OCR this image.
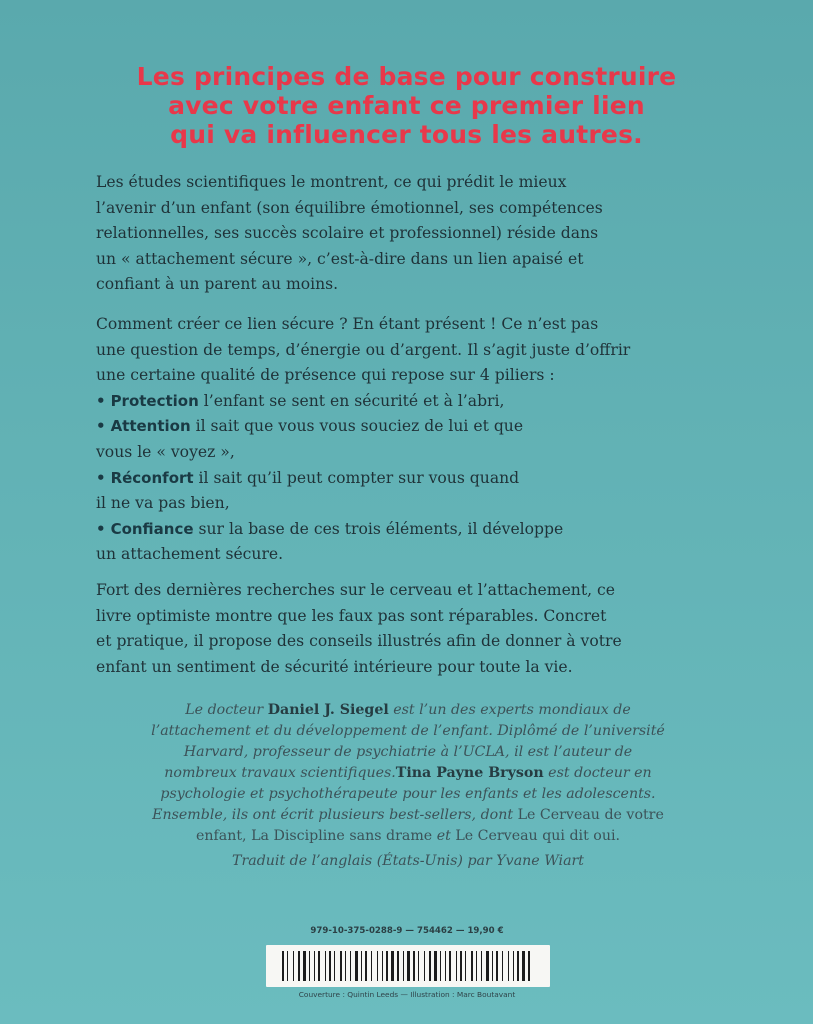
Les principes de base pour construire
avec votre enfant ce premier lien
qui va influencer tous les autres.
Les études scientifiques le montrent, ce qui prédit le mieux
l’avenir d’un enfant (son équilibre émotionnel, ses compétences
relationnelles, ses succès scolaire et professionnel) réside dans
un « attachement sécure », c’est-à-dire dans un lien apaisé et
confiant à un parent au moins.
Comment créer ce lien sécure ? En étant présent ! Ce n’est pas
une question de temps, d’énergie ou d’argent. Il s’agit juste d’offrir
une certaine qualité de présence qui repose sur 4 piliers :
• Protection l’enfant se sent en sécurité et à l’abri,
• Attention il sait que vous vous souciez de lui et que
vous le « voyez »,
• Réconfort il sait qu’il peut compter sur vous quand
il ne va pas bien,
• Confiance sur la base de ces trois éléments, il développe
un attachement sécure.
Fort des dernières recherches sur le cerveau et l’attachement, ce
livre optimiste montre que les faux pas sont réparables. Concret
et pratique, il propose des conseils illustrés afin de donner à votre
enfant un sentiment de sécurité intérieure pour toute la vie.
Le docteur Daniel J. Siegel est l’un des experts mondiaux de
l’attachement et du développement de l’enfant. Diplômé de l’université
Harvard, professeur de psychiatrie à l’UCLA, il est l’auteur de
nombreux travaux scientifiques.Tina Payne Bryson est docteur en
psychologie et psychothérapeute pour les enfants et les adolescents.
Ensemble, ils ont écrit plusieurs best-sellers, dont Le Cerveau de votre
enfant, La Discipline sans drame et Le Cerveau qui dit oui.
Traduit de l’anglais (États-Unis) par Yvane Wiart
979-10-375-0288-9 — 754462 — 19,90 €
Couverture : Quintin Leeds — Illustration : Marc Boutavant
